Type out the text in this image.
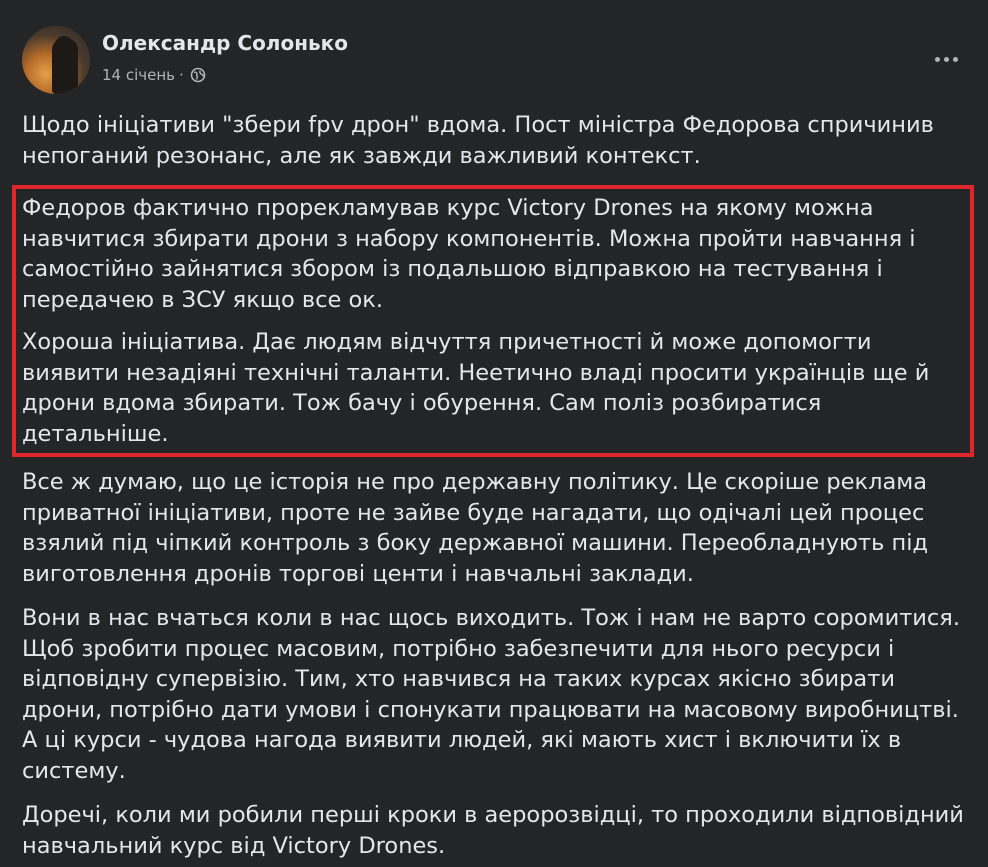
Олександр Солонько
14 січень ·

Щодо ініціативи "збери fpv дрон" вдома. Пост міністра Федорова спричинив непоганий резонанс, але як завжди важливий контекст.

Федоров фактично прорекламував курс Victory Drones на якому можна навчитися збирати дрони з набору компонентів. Можна пройти навчання і самостійно зайнятися збором із подальшою відправкою на тестування і передачею в ЗСУ якщо все ок.

Хороша ініціатива. Дає людям відчуття причетності й може допомогти виявити незадіяні технічні таланти. Неетично владі просити українців ще й дрони вдома збирати. Тож бачу і обурення. Сам поліз розбиратися детальніше.

Все ж думаю, що це історія не про державну політику. Це скоріше реклама приватної ініціативи, проте не зайве буде нагадати, що одічалі цей процес взялий під чіпкий контроль з боку державної машини. Переобладнують під виготовлення дронів торгові центи і навчальні заклади.

Вони в нас вчаться коли в нас щось виходить. Тож і нам не варто соромитися. Щоб зробити процес масовим, потрібно забезпечити для нього ресурси і відповідну супервізію. Тим, хто навчився на таких курсах якісно збирати дрони, потрібно дати умови і спонукати працювати на масовому виробництві. А ці курси - чудова нагода виявити людей, які мають хист і включити їх в систему.

Доречі, коли ми робили перші кроки в аеророзвідці, то проходили відповідний навчальний курс від Victory Drones.
